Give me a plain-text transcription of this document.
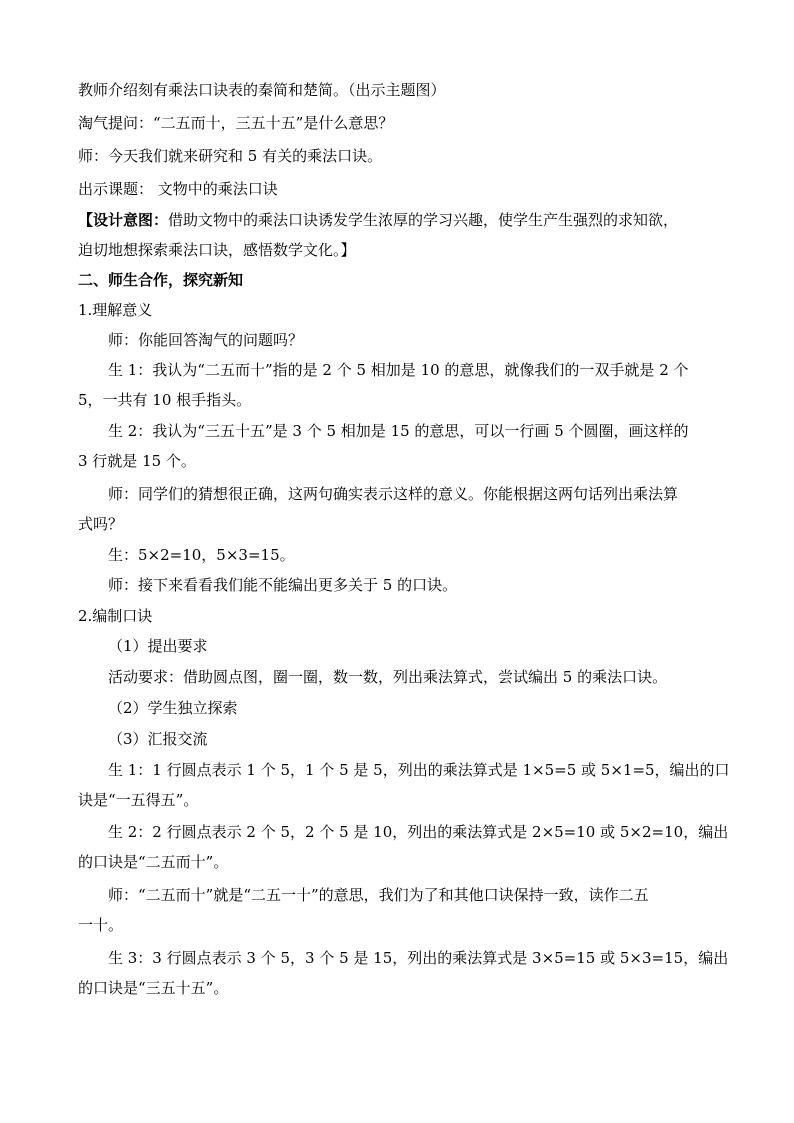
教师介绍刻有乘法口诀表的秦简和楚简。（出示主题图）
淘气提问：“二五而十，三五十五”是什么意思？
师：今天我们就来研究和 5 有关的乘法口诀。
出示课题： 文物中的乘法口诀
【设计意图：借助文物中的乘法口诀诱发学生浓厚的学习兴趣，使学生产生强烈的求知欲，
迫切地想探索乘法口诀，感悟数学文化。】
二、师生合作，探究新知
1.理解意义
师：你能回答淘气的问题吗？
生 1：我认为“二五而十”指的是 2 个 5 相加是 10 的意思，就像我们的一双手就是 2 个
5，一共有 10 根手指头。
生 2：我认为“三五十五”是 3 个 5 相加是 15 的意思，可以一行画 5 个圆圈，画这样的
3 行就是 15 个。
师：同学们的猜想很正确，这两句确实表示这样的意义。你能根据这两句话列出乘法算
式吗？
生：5×2=10，5×3=15。
师：接下来看看我们能不能编出更多关于 5 的口诀。
2.编制口诀
（1）提出要求
活动要求：借助圆点图，圈一圈，数一数，列出乘法算式，尝试编出 5 的乘法口诀。
（2）学生独立探索
（3）汇报交流
生 1：1 行圆点表示 1 个 5，1 个 5 是 5，列出的乘法算式是 1×5=5 或 5×1=5，编出的口
诀是“一五得五”。
生 2：2 行圆点表示 2 个 5，2 个 5 是 10，列出的乘法算式是 2×5=10 或 5×2=10，编出
的口诀是“二五而十”。
师：“二五而十”就是“二五一十”的意思，我们为了和其他口诀保持一致，读作二五
一十。
生 3：3 行圆点表示 3 个 5，3 个 5 是 15，列出的乘法算式是 3×5=15 或 5×3=15，编出
的口诀是“三五十五”。
